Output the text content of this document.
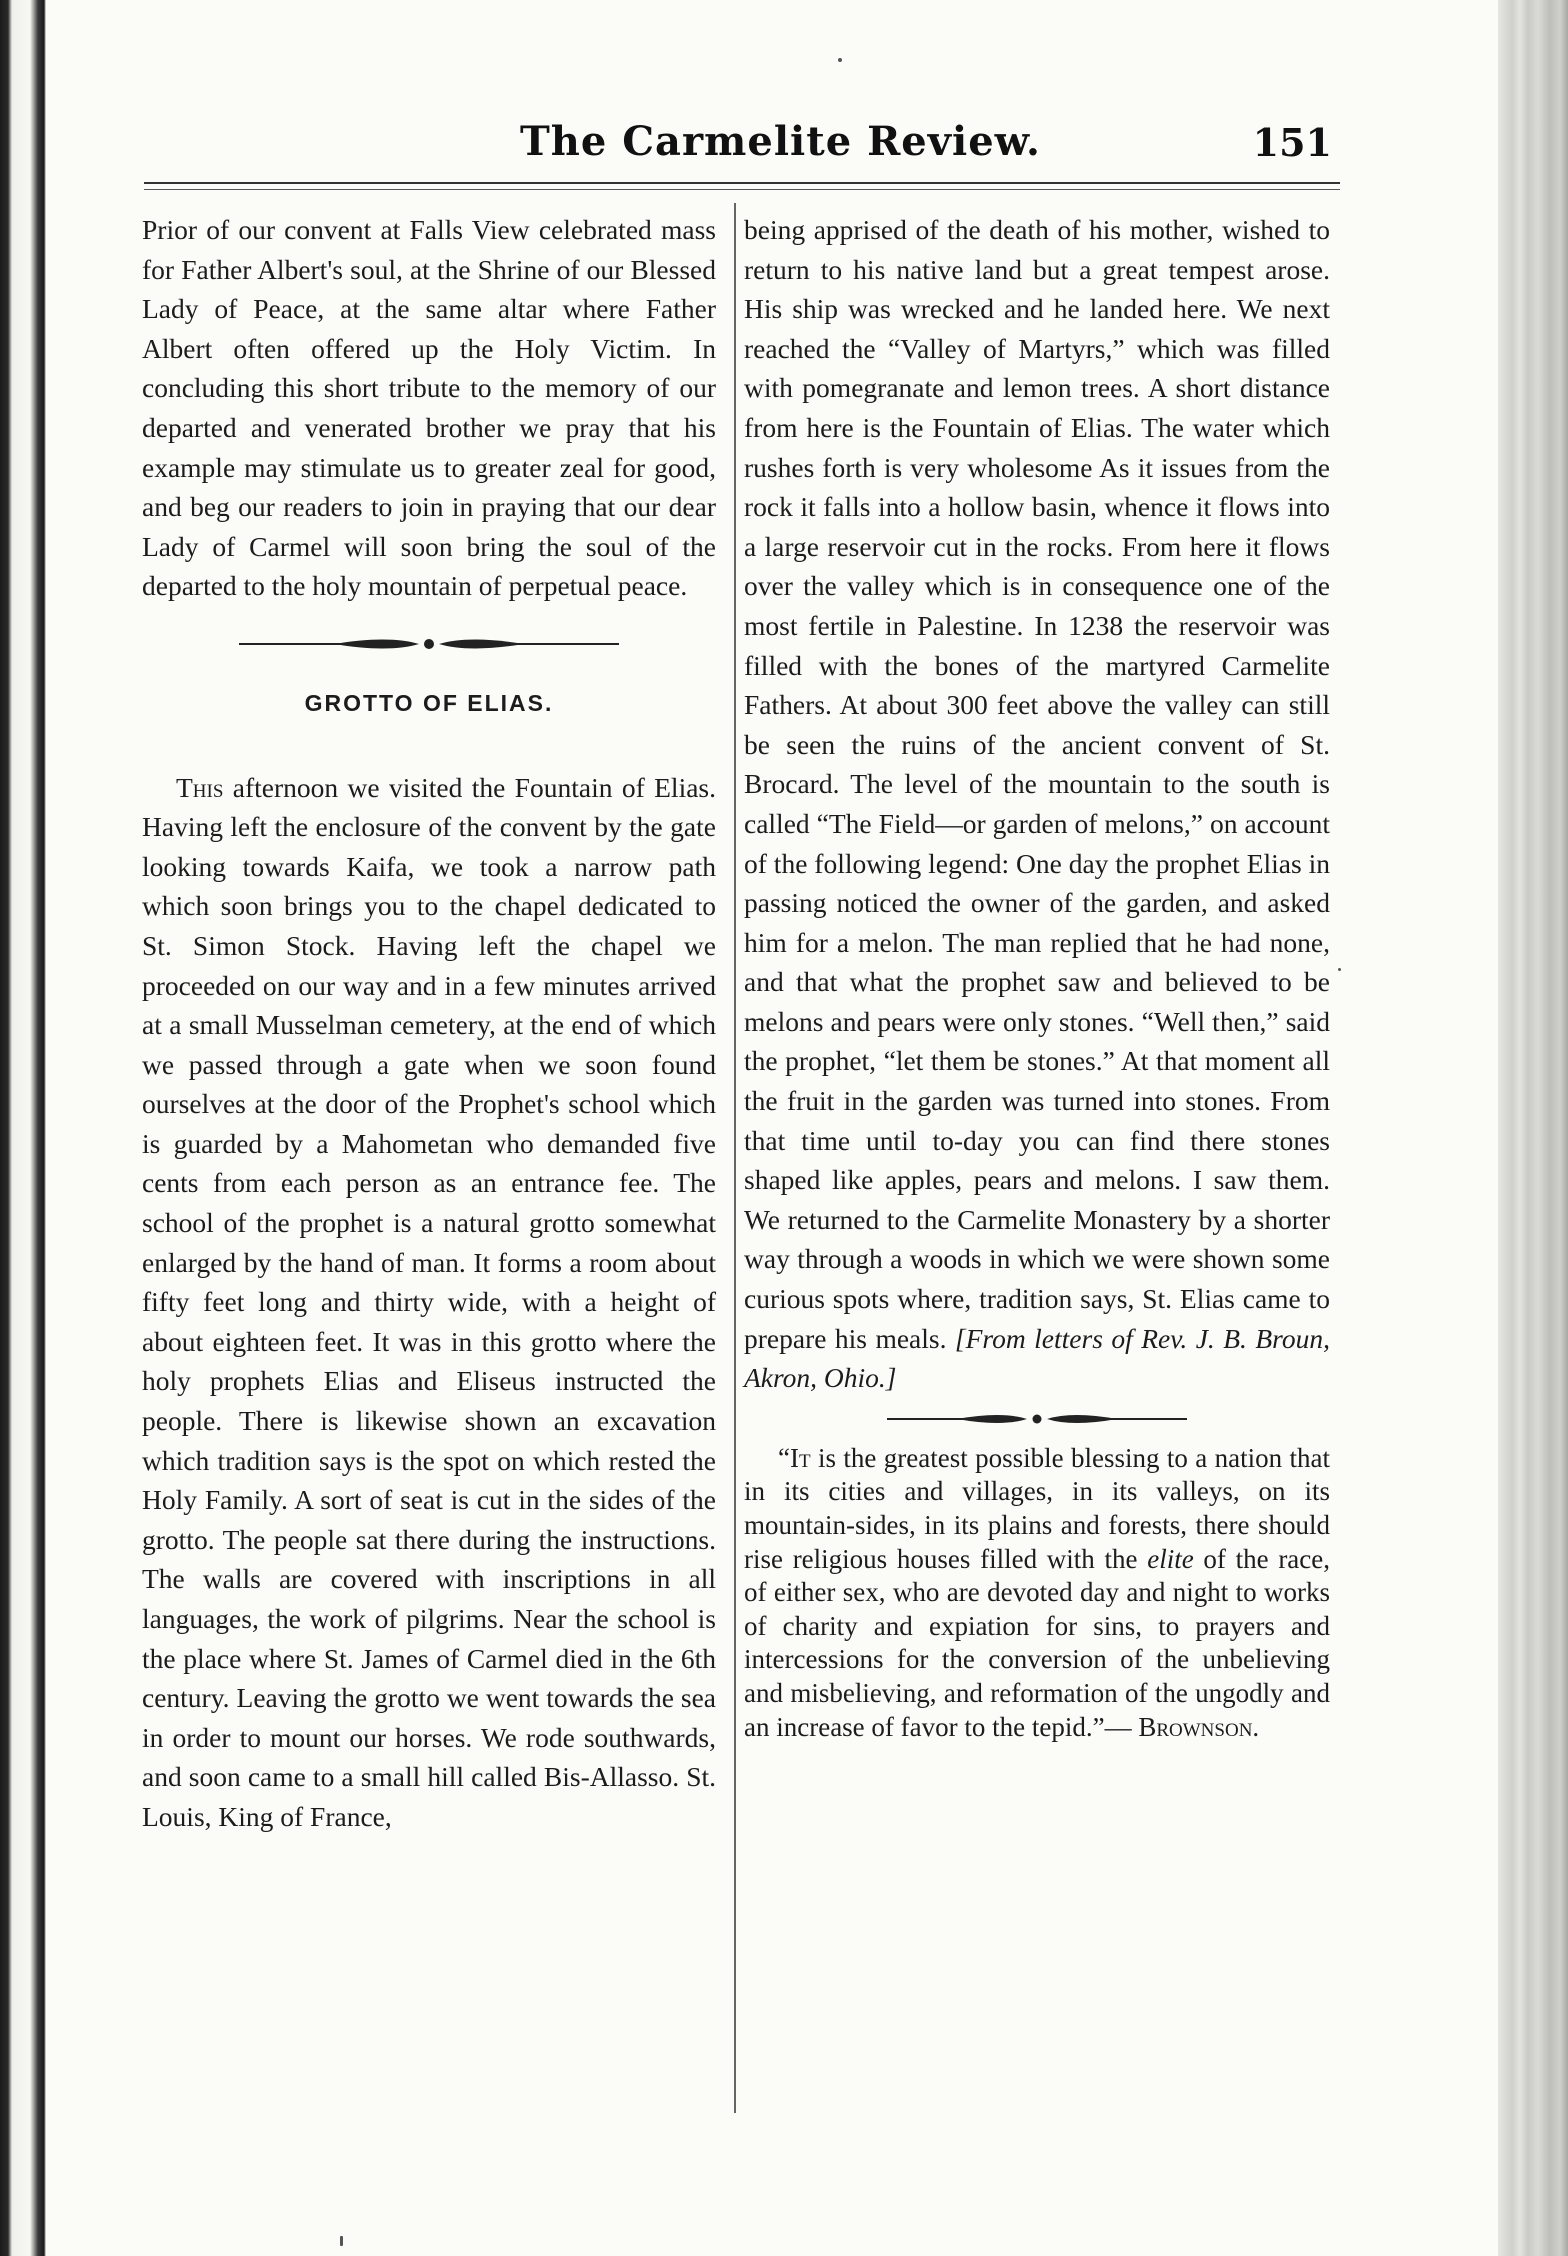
The Carmelite Review.	151

Prior of our convent at Falls View celebrated mass for Father Albert's soul, at the Shrine of our Blessed Lady of Peace, at the same altar where Father Albert often offered up the Holy Victim. In concluding this short tribute to the memory of our departed and venerated brother we pray that his example may stimulate us to greater zeal for good, and beg our readers to join in praying that our dear Lady of Carmel will soon bring the soul of the departed to the holy mountain of perpetual peace.

GROTTO OF ELIAS.

This afternoon we visited the Fountain of Elias. Having left the enclosure of the convent by the gate looking towards Kaifa, we took a narrow path which soon brings you to the chapel dedicated to St. Simon Stock. Having left the chapel we proceeded on our way and in a few minutes arrived at a small Musselman cemetery, at the end of which we passed through a gate when we soon found ourselves at the door of the Prophet's school which is guarded by a Mahometan who demanded five cents from each person as an entrance fee. The school of the prophet is a natural grotto somewhat enlarged by the hand of man. It forms a room about fifty feet long and thirty wide, with a height of about eighteen feet. It was in this grotto where the holy prophets Elias and Eliseus instructed the people. There is likewise shown an excavation which tradition says is the spot on which rested the Holy Family. A sort of seat is cut in the sides of the grotto. The people sat there during the instructions. The walls are covered with inscriptions in all languages, the work of pilgrims. Near the school is the place where St. James of Carmel died in the 6th century. Leaving the grotto we went towards the sea in order to mount our horses. We rode southwards, and soon came to a small hill called Bis-Allasso. St. Louis, King of France,

being apprised of the death of his mother, wished to return to his native land but a great tempest arose. His ship was wrecked and he landed here. We next reached the “Valley of Martyrs,” which was filled with pomegranate and lemon trees. A short distance from here is the Fountain of Elias. The water which rushes forth is very wholesome As it issues from the rock it falls into a hollow basin, whence it flows into a large reservoir cut in the rocks. From here it flows over the valley which is in consequence one of the most fertile in Palestine. In 1238 the reservoir was filled with the bones of the martyred Carmelite Fathers. At about 300 feet above the valley can still be seen the ruins of the ancient convent of St. Brocard. The level of the mountain to the south is called “The Field—or garden of melons,” on account of the following legend: One day the prophet Elias in passing noticed the owner of the garden, and asked him for a melon. The man replied that he had none, and that what the prophet saw and believed to be melons and pears were only stones. “Well then,” said the prophet, “let them be stones.” At that moment all the fruit in the garden was turned into stones. From that time until to-day you can find there stones shaped like apples, pears and melons. I saw them. We returned to the Carmelite Monastery by a shorter way through a woods in which we were shown some curious spots where, tradition says, St. Elias came to prepare his meals. [From letters of Rev. J. B. Broun, Akron, Ohio.]

“It is the greatest possible blessing to a nation that in its cities and villages, in its valleys, on its mountain-sides, in its plains and forests, there should rise religious houses filled with the elite of the race, of either sex, who are devoted day and night to works of charity and expiation for sins, to prayers and intercessions for the conversion of the unbelieving and misbelieving, and reformation of the ungodly and an increase of favor to the tepid.”— Brownson.
